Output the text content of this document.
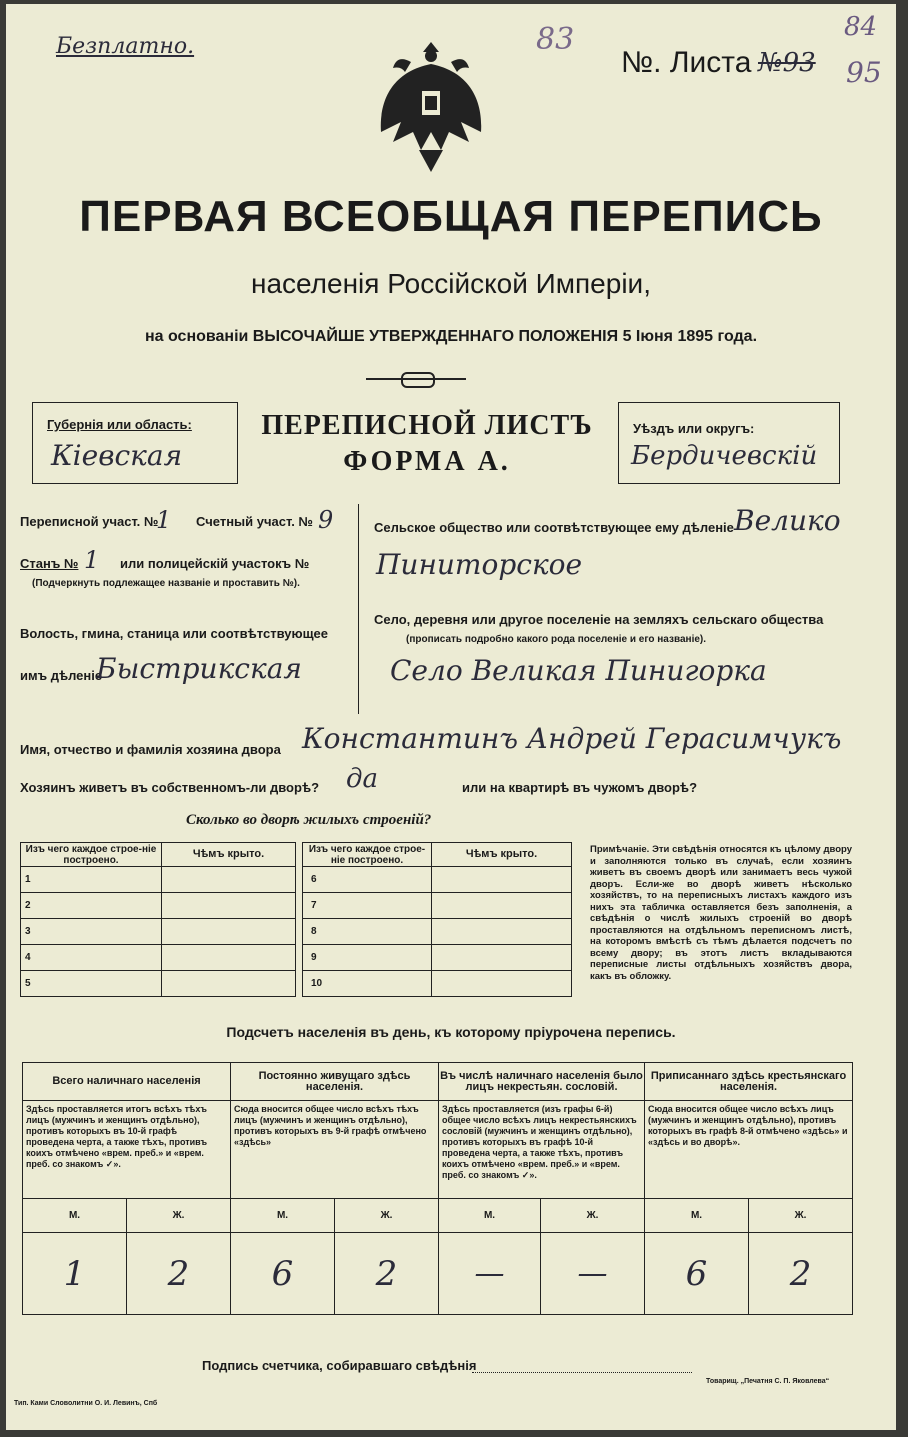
Безплатно.	83
№. Листа №93
84
95
ПЕРВАЯ ВСЕОБЩАЯ ПЕРЕПИСЬ
населенія Россійской Имперіи,
на основаніи ВЫСОЧАЙШЕ УТВЕРЖДЕННАГО ПОЛОЖЕНІЯ 5 Іюня 1895 года.
Губернія или область:
Кіевская
ПЕРЕПИСНОЙ ЛИСТЪ
ФОРМА А.
Уѣздъ или округъ:
Бердичевскій
Переписной участ. №
1 Счетный участ. № 9
Станъ № 1 или полицейскій участокъ №
(Подчеркнуть подлежащее названіе и проставить №).
Волость, гмина, станица или соотвѣтствующее
имъ дѣленіе
Быстрикская
Сельское общество или соотвѣтствующее ему дѣленіе Велико
Пиниторское
Село, деревня или другое поселеніе на земляхъ сельскаго общества
(прописать подробно какого рода поселеніе и его названіе).
Село Великая Пинигорка
Имя, отчество и фамилія хозяина двора Константинъ Андрей Герасимчукъ
Хозяинъ живетъ въ собственномъ-ли дворѣ? да	или на квартирѣ въ чужомъ дворѣ?
Сколько во дворѣ жилыхъ строеній?
Изъ чего каждое строе-ніе построено.	Чѣмъ крыто.
1	
2	
3	
4	
5	
Изъ чего каждое строе-ніе построено.	Чѣмъ крыто.
6	
7	
8	
9	
10	
Примѣчаніе. Эти свѣдѣнія относятся къ цѣлому двору и заполняются только въ случаѣ, если хозяинъ живетъ въ своемъ дворѣ или занимаетъ весь чужой дворъ. Если-же во дворѣ живетъ нѣсколько хозяйствъ, то на переписныхъ листахъ каждого изъ нихъ эта табличка оставляется безъ заполненія, а свѣдѣнія о числѣ жилыхъ строеній во дворѣ проставляются на отдѣльномъ переписномъ листѣ, на которомъ вмѣстѣ съ тѣмъ дѣлается подсчетъ по всему двору; въ этотъ листъ вкладываются переписные листы отдѣльныхъ хозяйствъ двора, какъ въ обложку.
Подсчетъ населенія въ день, къ которому пріурочена перепись.
Всего наличнаго населенія		Постоянно живущаго здѣсь населенія.		Въ числѣ наличнаго населенія было лицъ некрестьян. сословій.		Приписаннаго здѣсь крестьянскаго населенія.	
Здѣсь проставляется итогъ всѣхъ тѣхъ лицъ (мужчинъ и женщинъ отдѣльно), противъ которыхъ въ 10-й графѣ проведена черта, а также тѣхъ, противъ коихъ отмѣчено «врем. преб.» и «врем. преб. со знакомъ ✓».		Сюда вносится общее число всѣхъ тѣхъ лицъ (мужчинъ и женщинъ отдѣльно), противъ которыхъ въ 9-й графѣ отмѣчено «здѣсь»		Здѣсь проставляется (изъ графы 6-й) общее число всѣхъ лицъ некрестьянскихъ сословій (мужчинъ и женщинъ отдѣльно), противъ которыхъ въ графѣ 10-й проведена черта, а также тѣхъ, противъ коихъ отмѣчено «врем. преб.» и «врем. преб. со знакомъ ✓».		Сюда вносится общее число всѣхъ лицъ (мужчинъ и женщинъ отдѣльно), противъ которыхъ въ графѣ 8-й отмѣчено «здѣсь» и «здѣсь и во дворѣ».	
М.	Ж.	М.	Ж.	М.	Ж.	М.	Ж.
1	2	6	2	—	—	6	2
Подпись счетчика, собиравшаго свѣдѣнія
Тип. Ками Словолитни О. И. Левинъ, Спб
Товарищ. „Печатня С. П. Яковлева“
